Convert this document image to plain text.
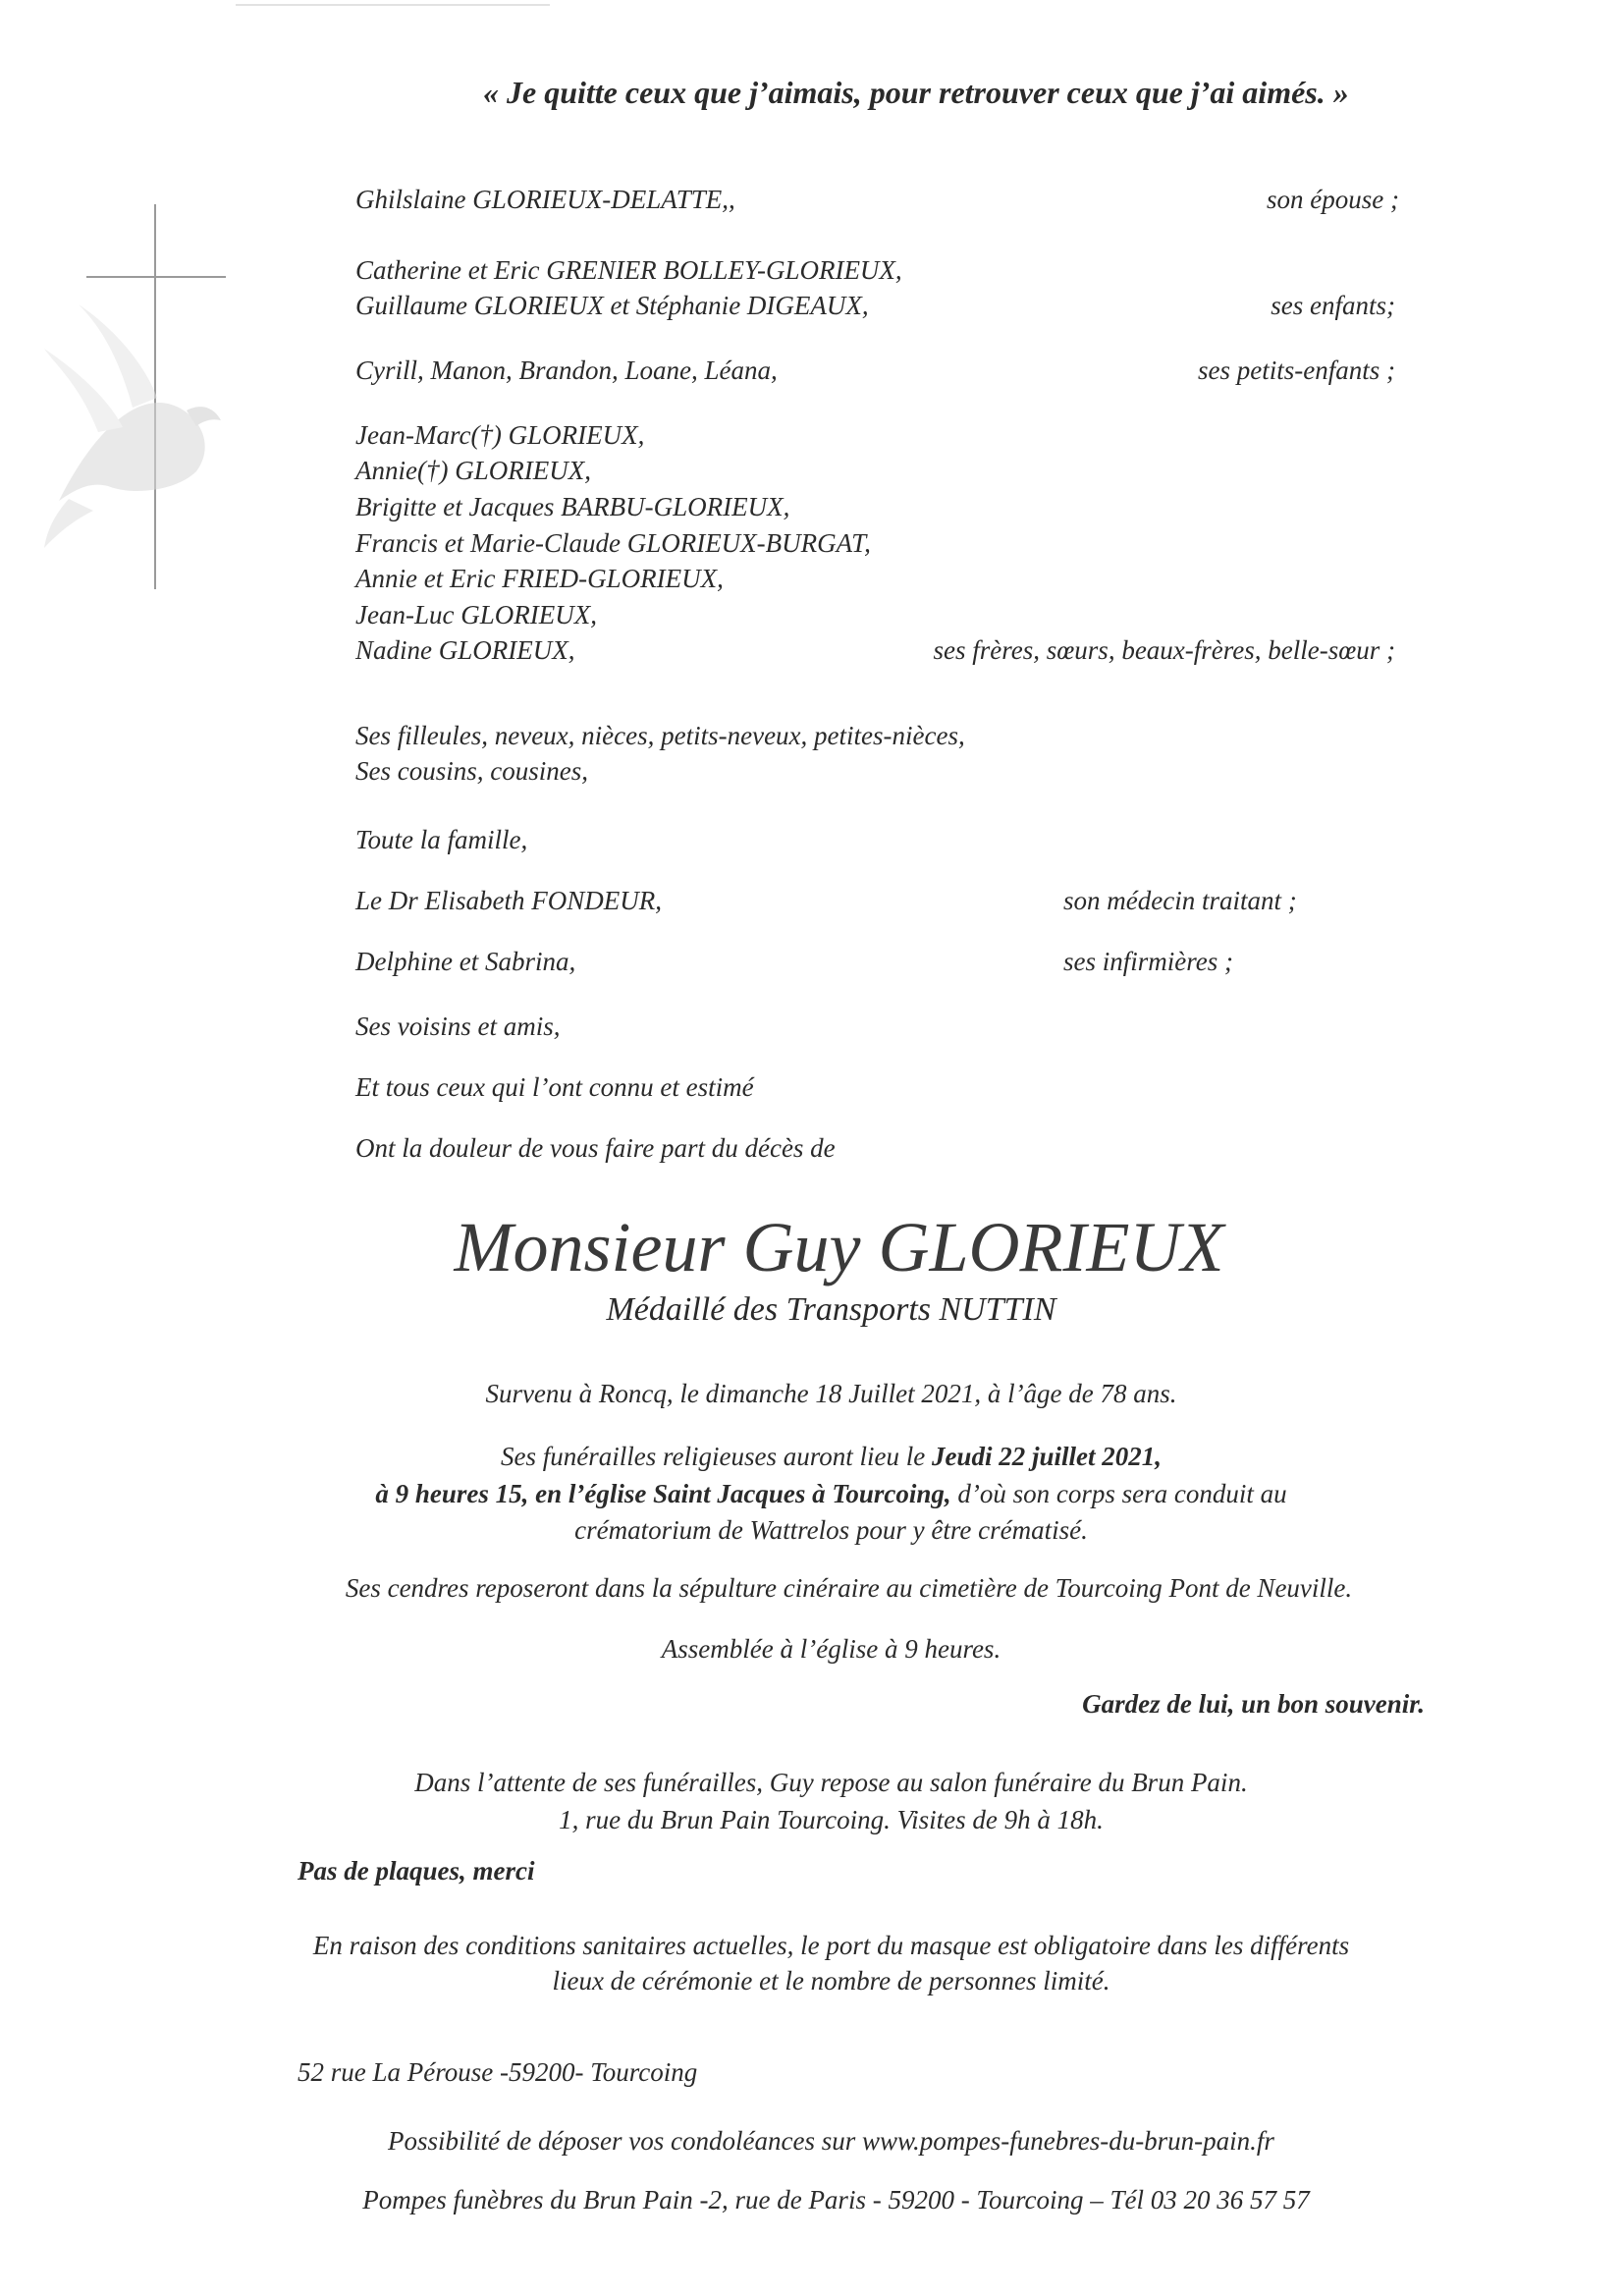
« Je quitte ceux que j’aimais, pour retrouver ceux que j’ai aimés. »
Ghilslaine GLORIEUX-DELATTE,,	son épouse ;
Catherine et Eric GRENIER BOLLEY-GLORIEUX,
Guillaume GLORIEUX et Stéphanie DIGEAUX,	ses enfants;
Cyrill, Manon, Brandon, Loane, Léana,	ses petits-enfants ;
Jean-Marc(†) GLORIEUX,
Annie(†) GLORIEUX,
Brigitte et Jacques BARBU-GLORIEUX,
Francis et Marie-Claude GLORIEUX-BURGAT,
Annie et Eric FRIED-GLORIEUX,
Jean-Luc GLORIEUX,
Nadine GLORIEUX,	ses frères, sœurs, beaux-frères, belle-sœur ;
Ses filleules, neveux, nièces, petits-neveux, petites-nièces,
Ses cousins, cousines,
Toute la famille,
Le Dr Elisabeth FONDEUR,	son médecin traitant ;
Delphine et Sabrina,	ses infirmières ;
Ses voisins et amis,
Et tous ceux qui l’ont connu et estimé
Ont la douleur de vous faire part du décès de
Monsieur Guy GLORIEUX
Médaillé des Transports NUTTIN
Survenu à Roncq, le dimanche 18 Juillet 2021, à l’âge de 78 ans.
Ses funérailles religieuses auront lieu le Jeudi 22 juillet 2021,
à 9 heures 15, en l’église Saint Jacques à Tourcoing, d’où son corps sera conduit au
crématorium de Wattrelos pour y être crématisé.
Ses cendres reposeront dans la sépulture cinéraire au cimetière de Tourcoing Pont de Neuville.
Assemblée à l’église à 9 heures.
Gardez de lui, un bon souvenir.
Dans l’attente de ses funérailles, Guy repose au salon funéraire du Brun Pain.
1, rue du Brun Pain Tourcoing. Visites de 9h à 18h.
Pas de plaques, merci
En raison des conditions sanitaires actuelles, le port du masque est obligatoire dans les différents
lieux de cérémonie et le nombre de personnes limité.
52 rue La Pérouse -59200- Tourcoing
Possibilité de déposer vos condoléances sur www.pompes-funebres-du-brun-pain.fr
Pompes funèbres du Brun Pain -2, rue de Paris - 59200 - Tourcoing – Tél 03 20 36 57 57
